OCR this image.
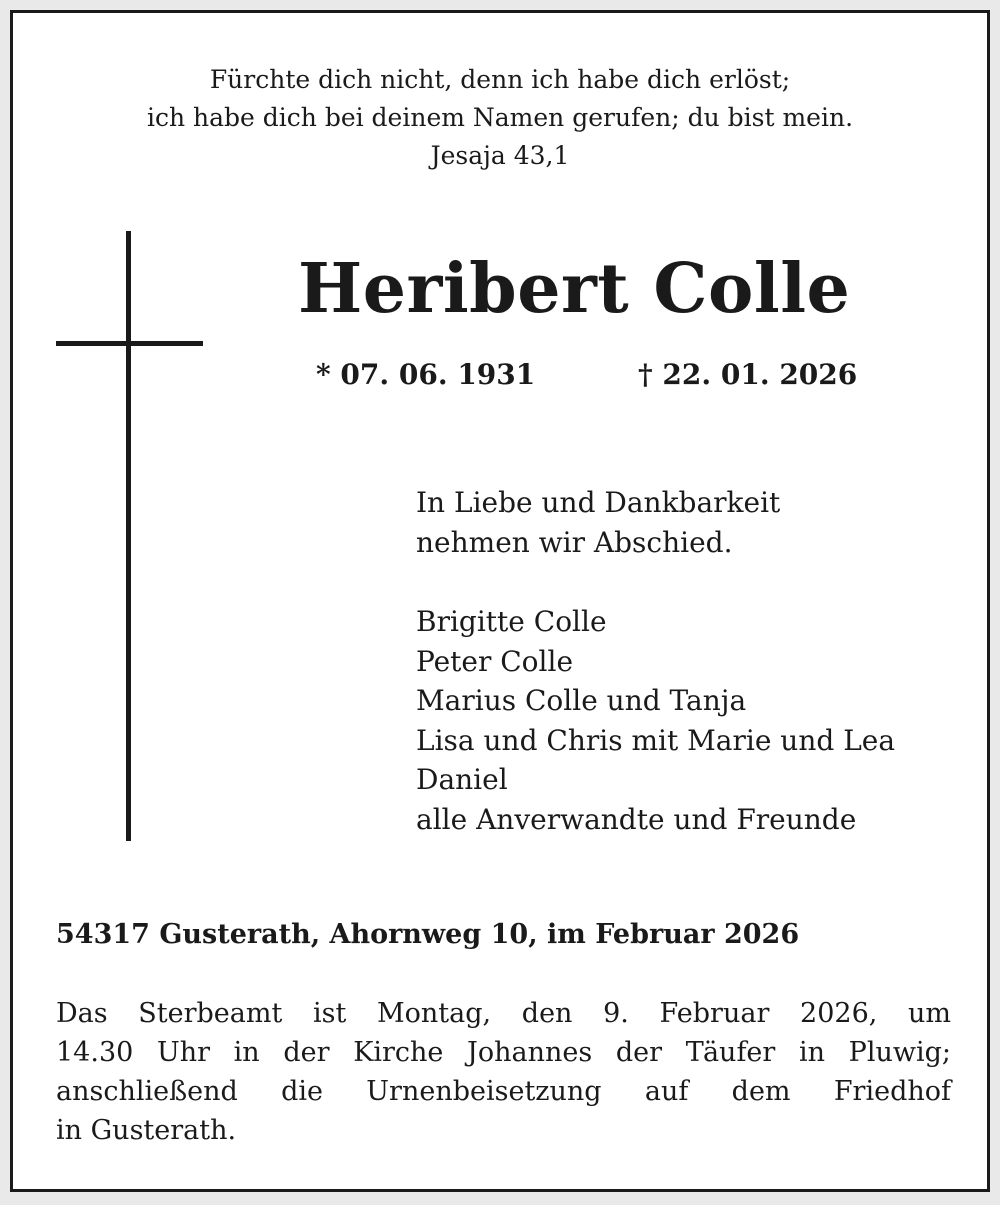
Fürchte dich nicht, denn ich habe dich erlöst;
ich habe dich bei deinem Namen gerufen; du bist mein.
Jesaja 43,1
Heribert Colle
* 07. 06. 1931	† 22. 01. 2026
In Liebe und Dankbarkeit
nehmen wir Abschied.
Brigitte Colle
Peter Colle
Marius Colle und Tanja
Lisa und Chris mit Marie und Lea
Daniel
alle Anverwandte und Freunde
54317 Gusterath, Ahornweg 10, im Februar 2026
Das Sterbeamt ist Montag, den 9. Februar 2026, um
14.30 Uhr in der Kirche Johannes der Täufer in Pluwig;
anschließend die Urnenbeisetzung auf dem Friedhof
in Gusterath.
